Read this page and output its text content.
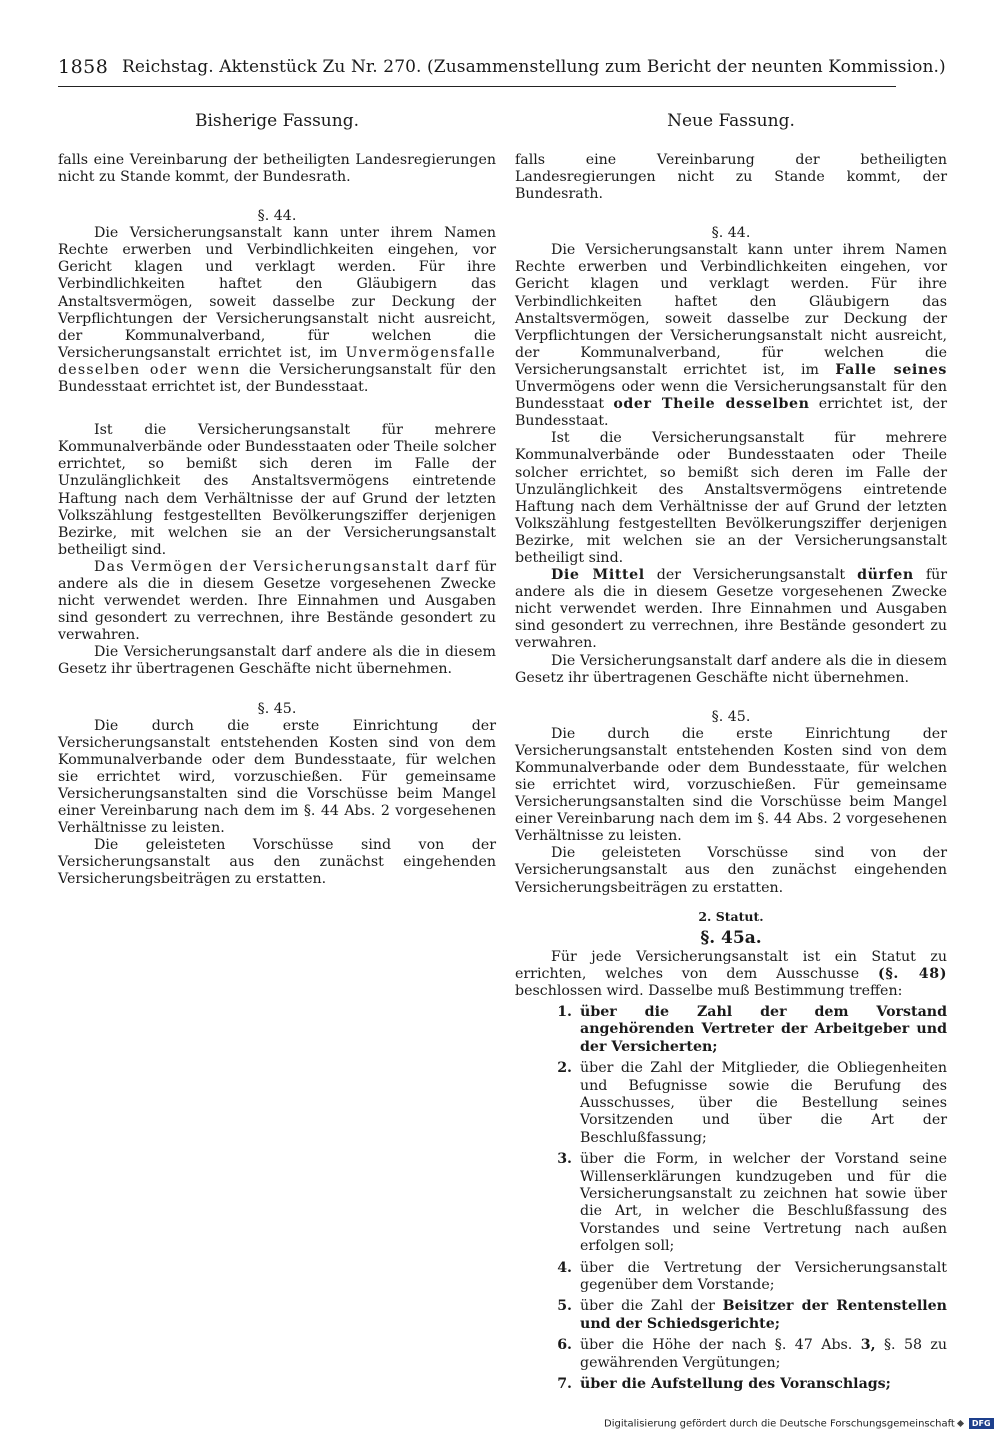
1858 Reichstag. Aktenstück Zu Nr. 270. (Zusammenstellung zum Bericht der neunten Kommission.)
Bisherige Fassung.

falls eine Vereinbarung der betheiligten Landesregierungen nicht zu Stande kommt, der Bundesrath.

§. 44.

Die Versicherungsanstalt kann unter ihrem Namen Rechte erwerben und Verbindlichkeiten eingehen, vor Gericht klagen und verklagt werden. Für ihre Verbindlichkeiten haftet den Gläubigern das Anstaltsvermögen, soweit dasselbe zur Deckung der Verpflichtungen der Versicherungsanstalt nicht ausreicht, der Kommunalverband, für welchen die Versicherungsanstalt errichtet ist, im Unvermögensfalle desselben oder wenn die Versicherungsanstalt für den Bundesstaat errichtet ist, der Bundesstaat.

Ist die Versicherungsanstalt für mehrere Kommunalverbände oder Bundesstaaten oder Theile solcher errichtet, so bemißt sich deren im Falle der Unzulänglichkeit des Anstaltsvermögens eintretende Haftung nach dem Verhältnisse der auf Grund der letzten Volkszählung festgestellten Bevölkerungsziffer derjenigen Bezirke, mit welchen sie an der Versicherungsanstalt betheiligt sind.

Das Vermögen der Versicherungsanstalt darf für andere als die in diesem Gesetze vorgesehenen Zwecke nicht verwendet werden. Ihre Einnahmen und Ausgaben sind gesondert zu verrechnen, ihre Bestände gesondert zu verwahren.

Die Versicherungsanstalt darf andere als die in diesem Gesetz ihr übertragenen Geschäfte nicht übernehmen.

§. 45.

Die durch die erste Einrichtung der Versicherungsanstalt entstehenden Kosten sind von dem Kommunalverbande oder dem Bundesstaate, für welchen sie errichtet wird, vorzuschießen. Für gemeinsame Versicherungsanstalten sind die Vorschüsse beim Mangel einer Vereinbarung nach dem im §. 44 Abs. 2 vorgesehenen Verhältnisse zu leisten.

Die geleisteten Vorschüsse sind von der Versicherungsanstalt aus den zunächst eingehenden Versicherungsbeiträgen zu erstatten.

Neue Fassung.

falls eine Vereinbarung der betheiligten Landesregierungen nicht zu Stande kommt, der Bundesrath.

§. 44.

Die Versicherungsanstalt kann unter ihrem Namen Rechte erwerben und Verbindlichkeiten eingehen, vor Gericht klagen und verklagt werden. Für ihre Verbindlichkeiten haftet den Gläubigern das Anstaltsvermögen, soweit dasselbe zur Deckung der Verpflichtungen der Versicherungsanstalt nicht ausreicht, der Kommunalverband, für welchen die Versicherungsanstalt errichtet ist, im Falle seines Unvermögens oder wenn die Versicherungsanstalt für den Bundesstaat oder Theile desselben errichtet ist, der Bundesstaat.

Ist die Versicherungsanstalt für mehrere Kommunalverbände oder Bundesstaaten oder Theile solcher errichtet, so bemißt sich deren im Falle der Unzulänglichkeit des Anstaltsvermögens eintretende Haftung nach dem Verhältnisse der auf Grund der letzten Volkszählung festgestellten Bevölkerungsziffer derjenigen Bezirke, mit welchen sie an der Versicherungsanstalt betheiligt sind.

Die Mittel der Versicherungsanstalt dürfen für andere als die in diesem Gesetze vorgesehenen Zwecke nicht verwendet werden. Ihre Einnahmen und Ausgaben sind gesondert zu verrechnen, ihre Bestände gesondert zu verwahren.

Die Versicherungsanstalt darf andere als die in diesem Gesetz ihr übertragenen Geschäfte nicht übernehmen.

§. 45.

Die durch die erste Einrichtung der Versicherungsanstalt entstehenden Kosten sind von dem Kommunalverbande oder dem Bundesstaate, für welchen sie errichtet wird, vorzuschießen. Für gemeinsame Versicherungsanstalten sind die Vorschüsse beim Mangel einer Vereinbarung nach dem im §. 44 Abs. 2 vorgesehenen Verhältnisse zu leisten.

Die geleisteten Vorschüsse sind von der Versicherungsanstalt aus den zunächst eingehenden Versicherungsbeiträgen zu erstatten.

2. Statut.
§. 45a.

Für jede Versicherungsanstalt ist ein Statut zu errichten, welches von dem Ausschusse (§. 48) beschlossen wird. Dasselbe muß Bestimmung treffen:

1. über die Zahl der dem Vorstand angehörenden Vertreter der Arbeitgeber und der Versicherten;
2. über die Zahl der Mitglieder, die Obliegenheiten und Befugnisse sowie die Berufung des Ausschusses, über die Bestellung seines Vorsitzenden und über die Art der Beschlußfassung;
3. über die Form, in welcher der Vorstand seine Willenserklärungen kundzugeben und für die Versicherungsanstalt zu zeichnen hat sowie über die Art, in welcher die Beschlußfassung des Vorstandes und seine Vertretung nach außen erfolgen soll;
4. über die Vertretung der Versicherungsanstalt gegenüber dem Vorstande;
5. über die Zahl der Beisitzer der Rentenstellen und der Schiedsgerichte;
6. über die Höhe der nach §. 47 Abs. 3, §. 58 zu gewährenden Vergütungen;
7. über die Aufstellung des Voranschlags;
Digitalisierung gefördert durch die Deutsche Forschungsgemeinschaft DFG
